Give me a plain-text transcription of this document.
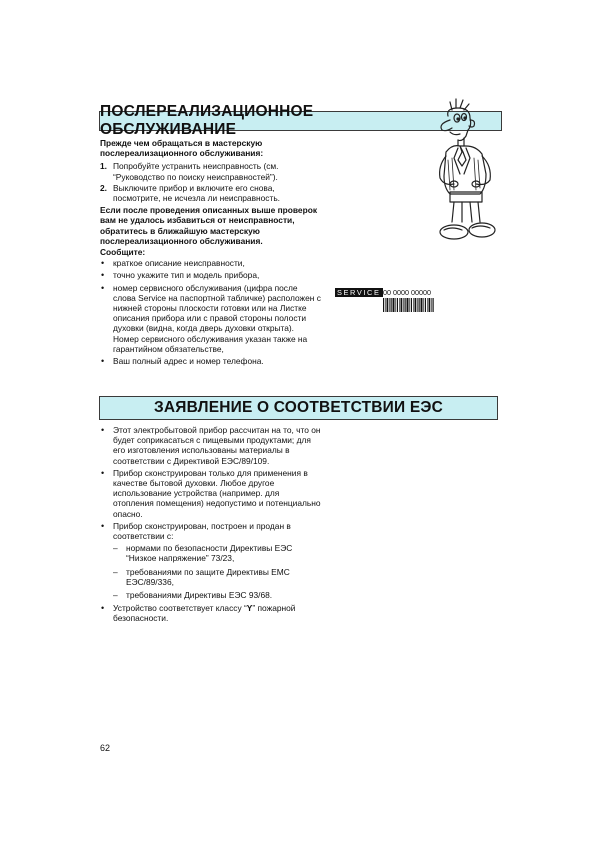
ПОСЛЕРЕАЛИЗАЦИОННОЕ ОБСЛУЖИВАНИЕ

Прежде чем обращаться в мастерскую послереализационного обслуживания:

1. Попробуйте устранить неисправность (см. “Руководство по поиску неисправностей”).
2. Выключите прибор и включите его снова, посмотрите, не исчезла ли неисправность.

Если после проведения описанных выше проверок вам не удалось избавиться от неисправности, обратитесь в ближайшую мастерскую послереализационного обслуживания.

Сообщите:

• краткое описание неисправности,
• точно укажите тип и модель прибора,
• номер сервисного обслуживания (цифра после слова Service на паспортной табличке) расположен с нижней стороны плоскости готовки или на Листке описания прибора или с правой стороны полости духовки (видна, когда дверь духовки открыта). Номер сервисного обслуживания указан также на гарантийном обязательстве,
• Ваш полный адрес и номер телефона.
SERVICE 00 0000 00000
ЗАЯВЛЕНИЕ О СООТВЕТСТВИИ ЕЭС
• Этот электробытовой прибор рассчитан на то, что он будет соприкасаться с пищевыми продуктами; для его изготовления использованы материалы в соответствии с Директивой ЕЭС/89/109.
• Прибор сконструирован только для применения в качестве бытовой духовки. Любое другое использование устройства (например. для отопления помещения) недопустимо и потенциально опасно.
• Прибор сконструирован, построен и продан в соответствии с:
– нормами по безопасности Директивы ЕЭС “Низкое напряжение” 73/23,
– требованиями по защите Директивы ЕМС ЕЭС/89/336,
– требованиями Директивы ЕЭС 93/68.
• Устройство соответствует классу “Y” пожарной безопасности.
62
